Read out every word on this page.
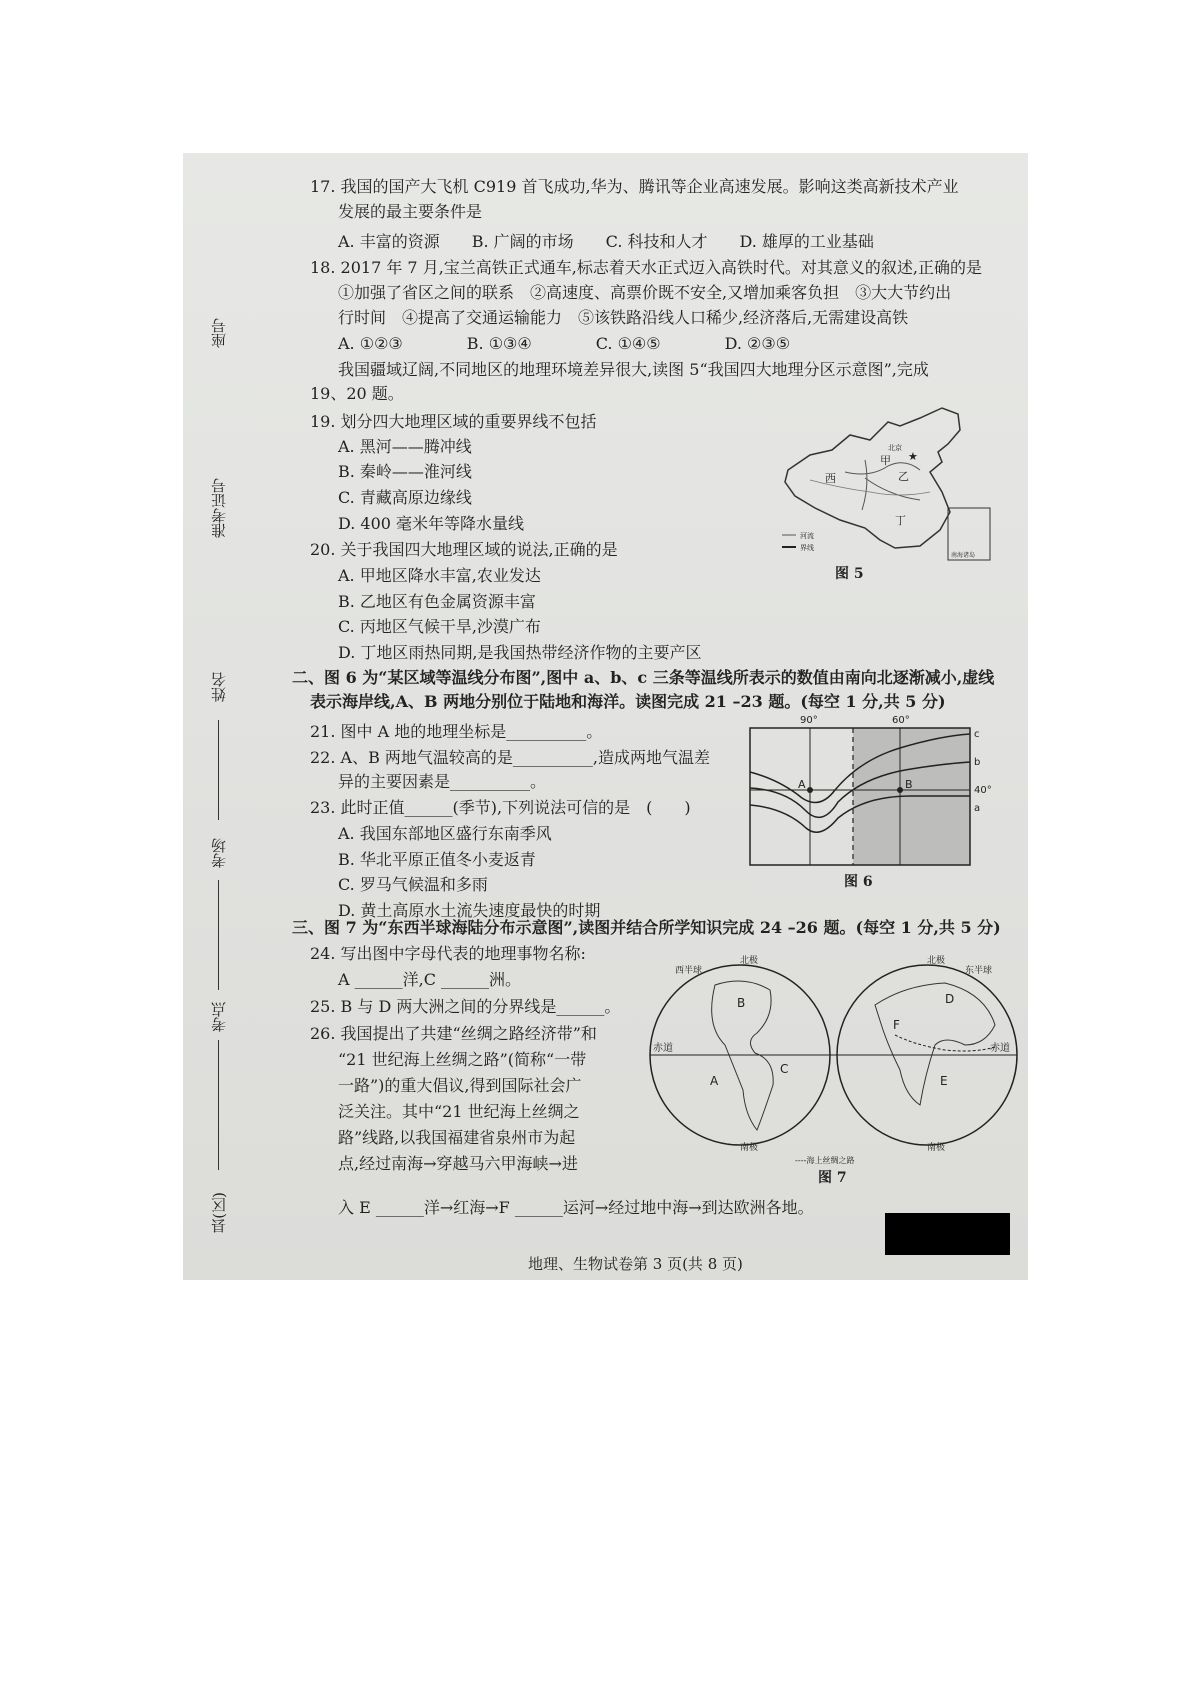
座号
准考证号
姓名
考场
考点
县(区)
17. 我国的国产大飞机 C919 首飞成功,华为、腾讯等企业高速发展。影响这类高新技术产业
发展的最主要条件是
A. 丰富的资源　　B. 广阔的市场　　C. 科技和人才　　D. 雄厚的工业基础
18. 2017 年 7 月,宝兰高铁正式通车,标志着天水正式迈入高铁时代。对其意义的叙述,正确的是
①加强了省区之间的联系　②高速度、高票价既不安全,又增加乘客负担　③大大节约出
行时间　④提高了交通运输能力　⑤该铁路沿线人口稀少,经济落后,无需建设高铁
A. ①②③　　　　B. ①③④　　　　C. ①④⑤　　　　D. ②③⑤
我国疆域辽阔,不同地区的地理环境差异很大,读图 5“我国四大地理分区示意图”,完成
19、20 题。
19. 划分四大地理区域的重要界线不包括
A. 黑河——腾冲线
B. 秦岭——淮河线
C. 青藏高原边缘线
D. 400 毫米年等降水量线
20. 关于我国四大地理区域的说法,正确的是
A. 甲地区降水丰富,农业发达
B. 乙地区有色金属资源丰富
C. 丙地区气候干旱,沙漠广布
D. 丁地区雨热同期,是我国热带经济作物的主要产区
北京
★
甲
乙
西
丁
南海诸岛
河流
界线
图 5
二、图 6 为“某区域等温线分布图”,图中 a、b、c 三条等温线所表示的数值由南向北逐渐减小,虚线
表示海岸线,A、B 两地分别位于陆地和海洋。读图完成 21 –23 题。(每空 1 分,共 5 分)
21. 图中 A 地的地理坐标是__________。
22. A、B 两地气温较高的是__________,造成两地气温差
异的主要因素是__________。
23. 此时正值______(季节),下列说法可信的是　(　　)
A. 我国东部地区盛行东南季风
B. 华北平原正值冬小麦返青
C. 罗马气候温和多雨
D. 黄土高原水土流失速度最快的时期
A	B
90°	60°
40°
c
b
a
图 6
三、图 7 为“东西半球海陆分布示意图”,读图并结合所学知识完成 24 –26 题。(每空 1 分,共 5 分)
24. 写出图中字母代表的地理事物名称:
A ______洋,C ______洲。
25. B 与 D 两大洲之间的分界线是______。
26. 我国提出了共建“丝绸之路经济带”和
“21 世纪海上丝绸之路”(简称“一带
一路”)的重大倡议,得到国际社会广
泛关注。其中“21 世纪海上丝绸之
路”线路,以我国福建省泉州市为起
点,经过南海→穿越马六甲海峡→进
入 E ______洋→红海→F ______运河→经过地中海→到达欧洲各地。
北极	北极
南极	南极
西半球	东半球
赤道	赤道
A
B
C
D
E
F
----海上丝绸之路
图 7
地理、生物试卷第 3 页(共 8 页)
